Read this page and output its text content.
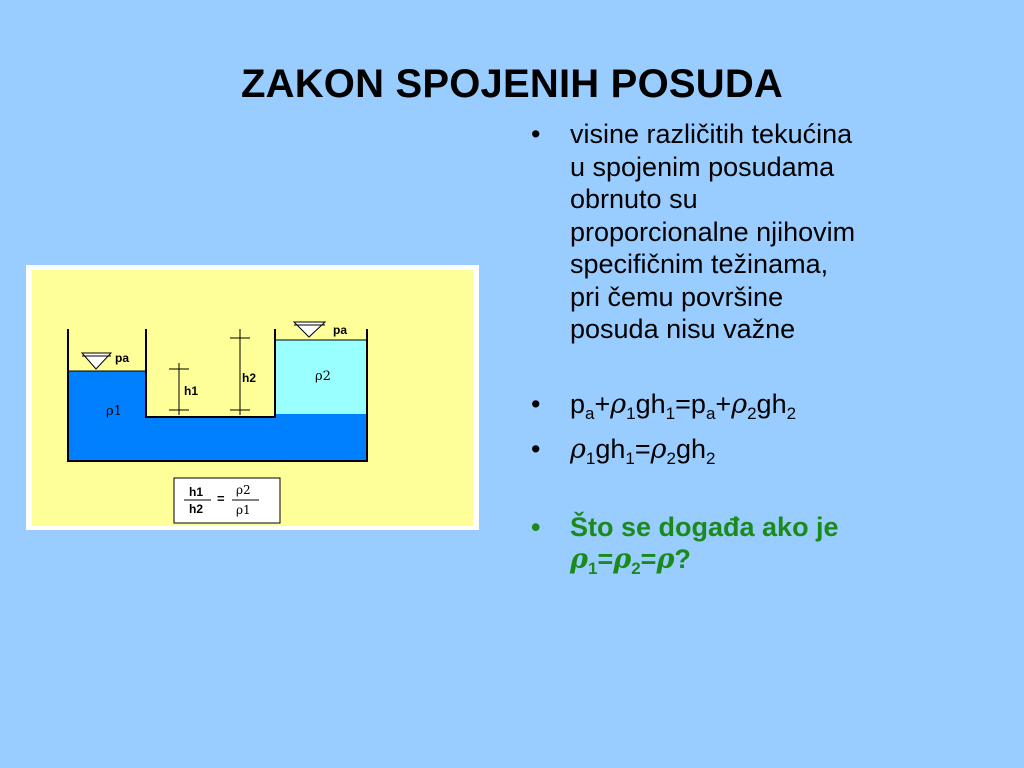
ZAKON SPOJENIH POSUDA
pa
pa
h1
h2
ρ1
ρ2
h1
h2
=
ρ2
ρ1
• visine različitih tekućina
u spojenim posudama
obrnuto su
proporcionalne njihovim
specifičnim težinama,
pri čemu površine
posuda nisu važne
• $p_a+\rho_1gh_1=p_a+\rho_2gh_2$
• $\rho_1gh_1=\rho_2gh_2$
• Što se događa ako je
$\rho_1=\rho_2=\rho$?
